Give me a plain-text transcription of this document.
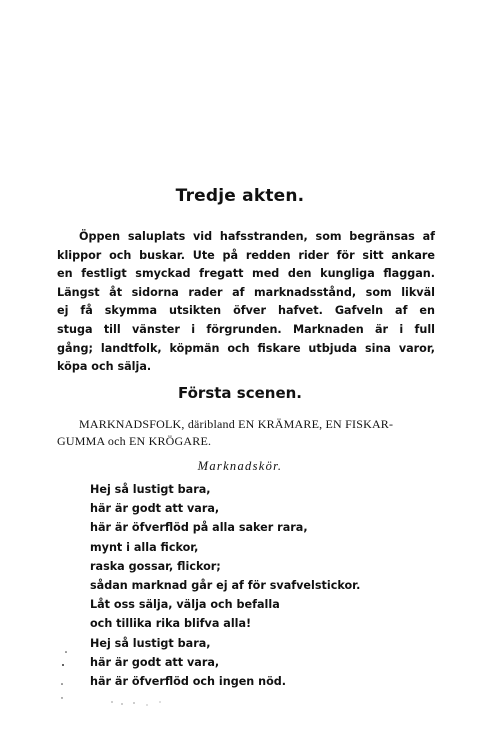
Tredje akten.
Öppen saluplats vid hafsstranden, som begränsas af
klippor och buskar. Ute på redden rider för sitt ankare
en festligt smyckad fregatt med den kungliga flaggan.
Längst åt sidorna rader af marknadsstånd, som likväl
ej få skymma utsikten öfver hafvet. Gafveln af en
stuga till vänster i förgrunden. Marknaden är i full
gång; landtfolk, köpmän och fiskare utbjuda sina varor,
köpa och sälja.
Första scenen.
MARKNADSFOLK, däribland EN KRÄMARE, EN FISKAR-
GUMMA och EN KRÖGARE.
Marknadskör.
Hej så lustigt bara,
här är godt att vara,
här är öfverflöd på alla saker rara,
mynt i alla fickor,
raska gossar, flickor;
sådan marknad går ej af för svafvelstickor.
Låt oss sälja, välja och befalla
och tillika rika blifva alla!
Hej så lustigt bara,
här är godt att vara,
här är öfverflöd och ingen nöd.
